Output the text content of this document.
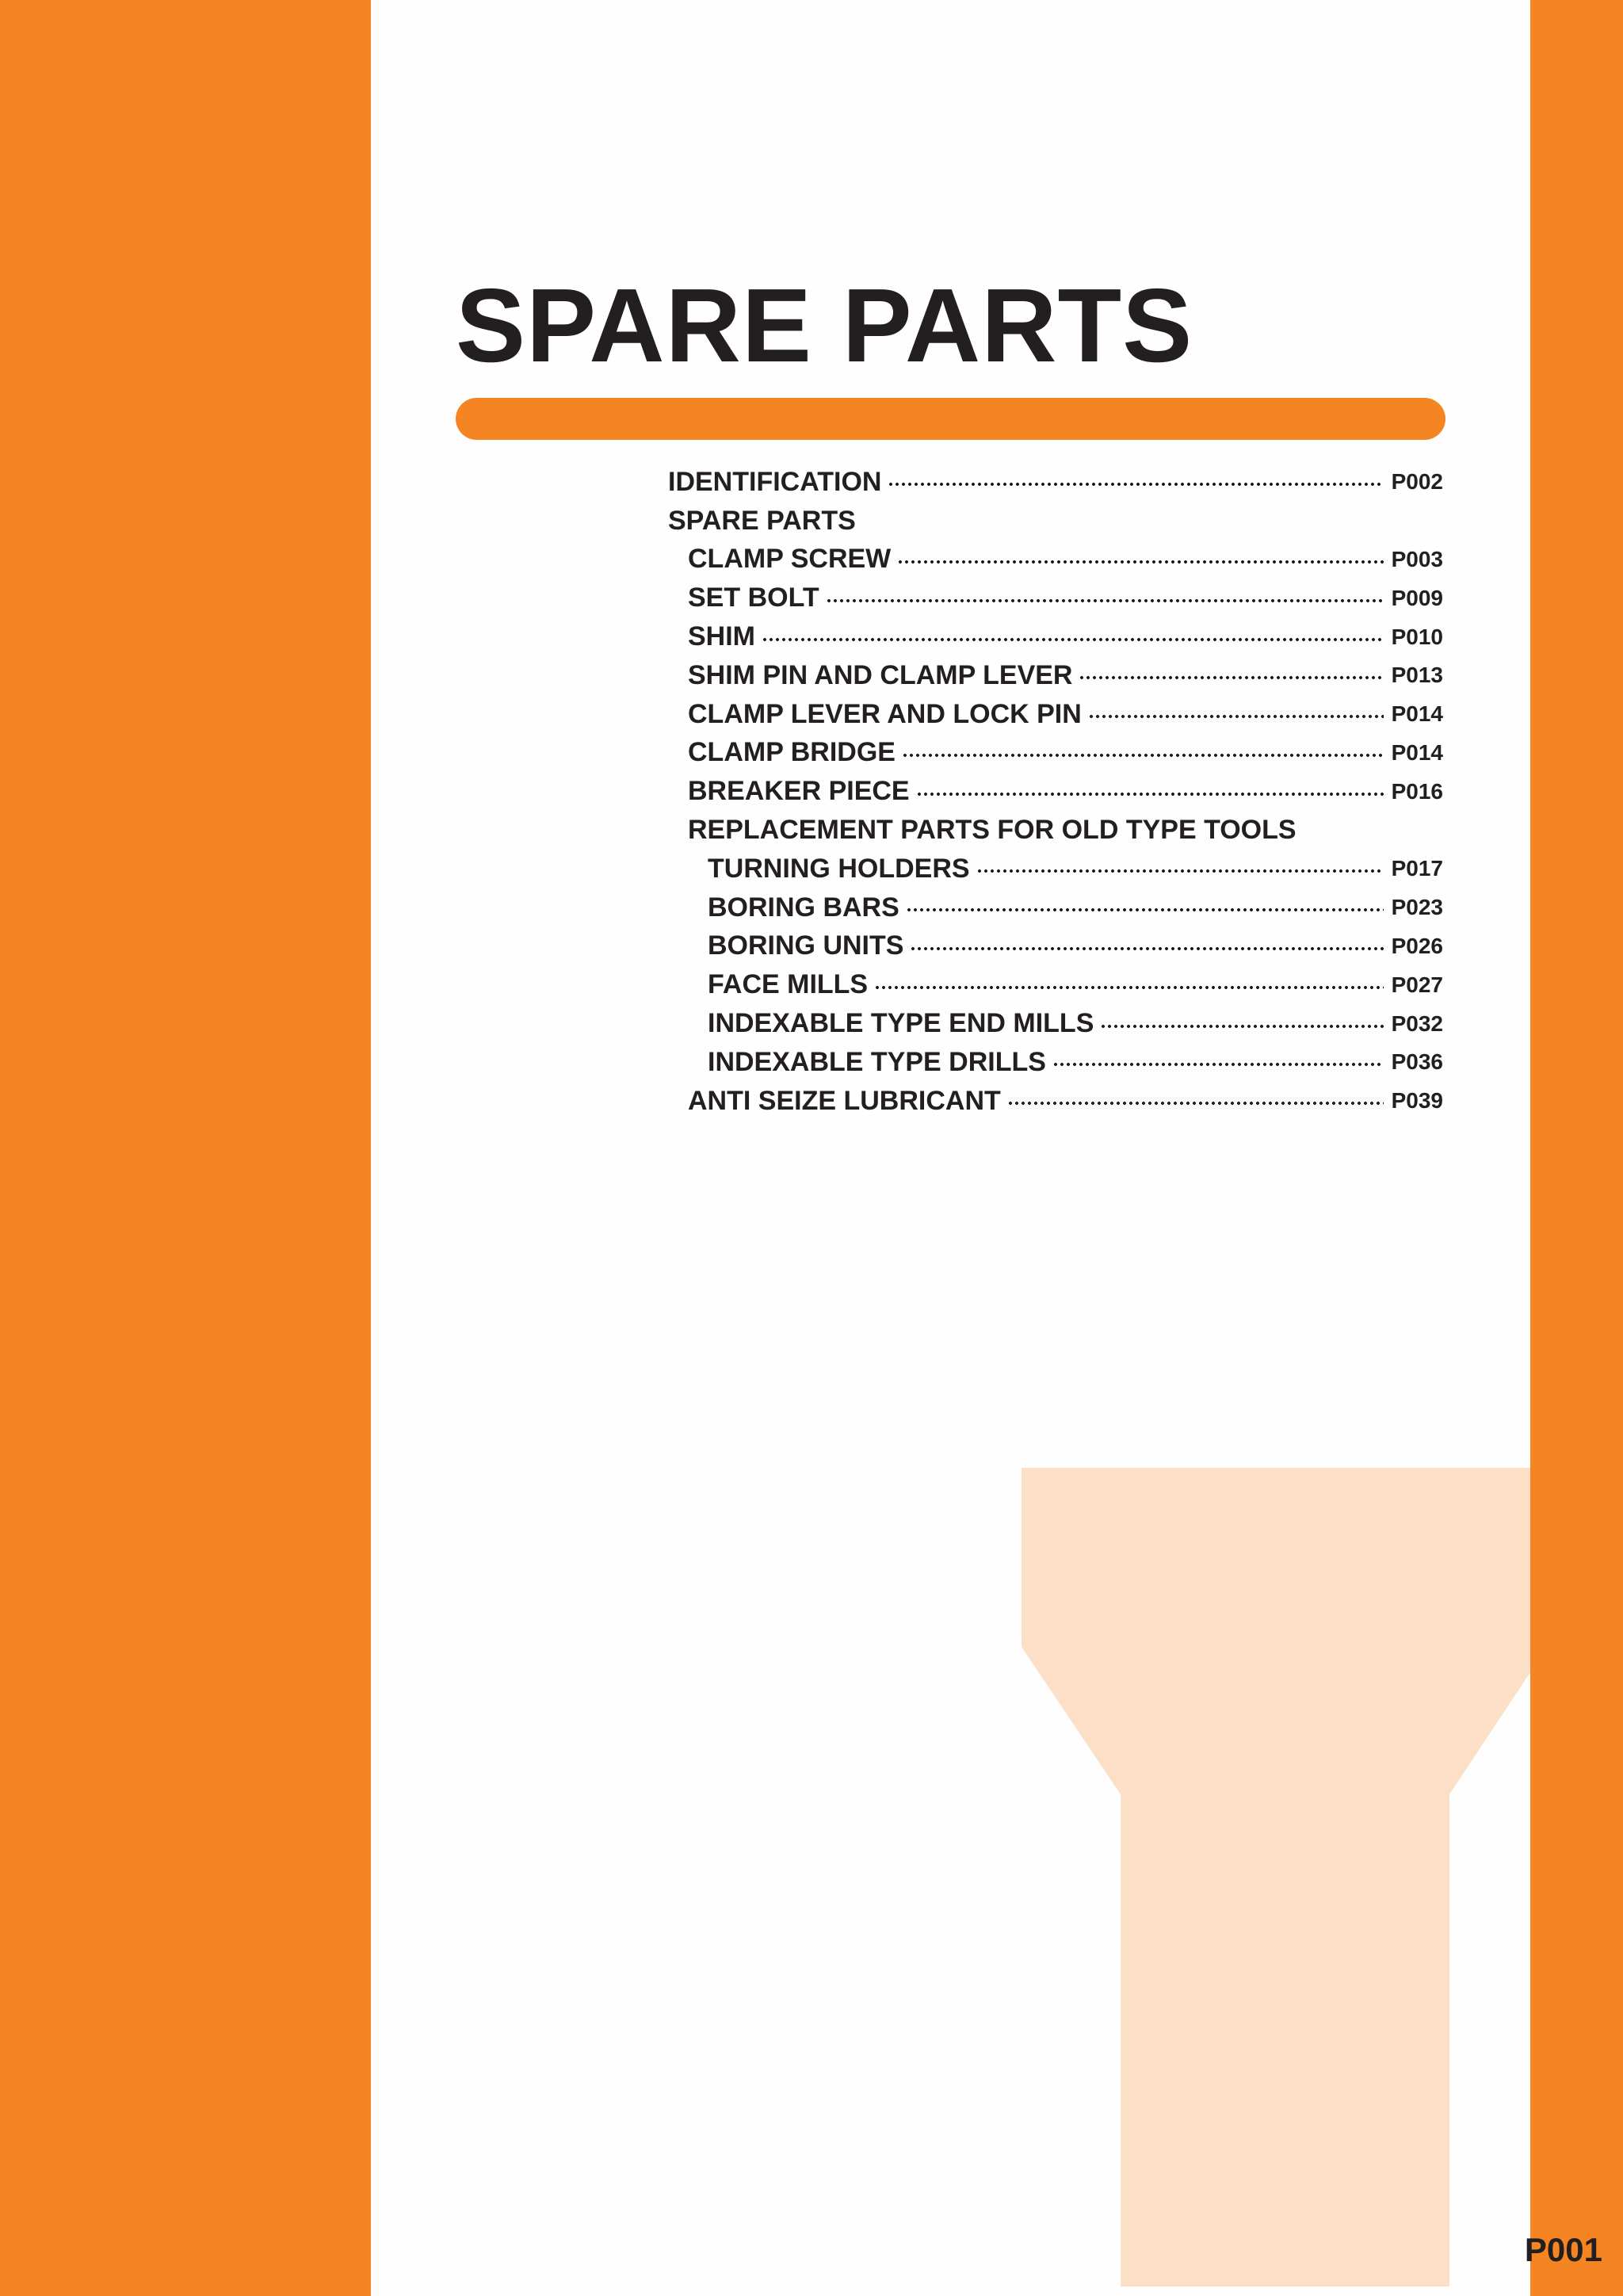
SPARE PARTS
IDENTIFICATION	P002
SPARE PARTS
CLAMP SCREW	P003
SET BOLT	P009
SHIM	P010
SHIM PIN AND CLAMP LEVER	P013
CLAMP LEVER AND LOCK PIN	P014
CLAMP BRIDGE	P014
BREAKER PIECE	P016
REPLACEMENT PARTS FOR OLD TYPE TOOLS
TURNING HOLDERS	P017
BORING BARS	P023
BORING UNITS	P026
FACE MILLS	P027
INDEXABLE TYPE END MILLS	P032
INDEXABLE TYPE DRILLS	P036
ANTI SEIZE LUBRICANT	P039
P001
